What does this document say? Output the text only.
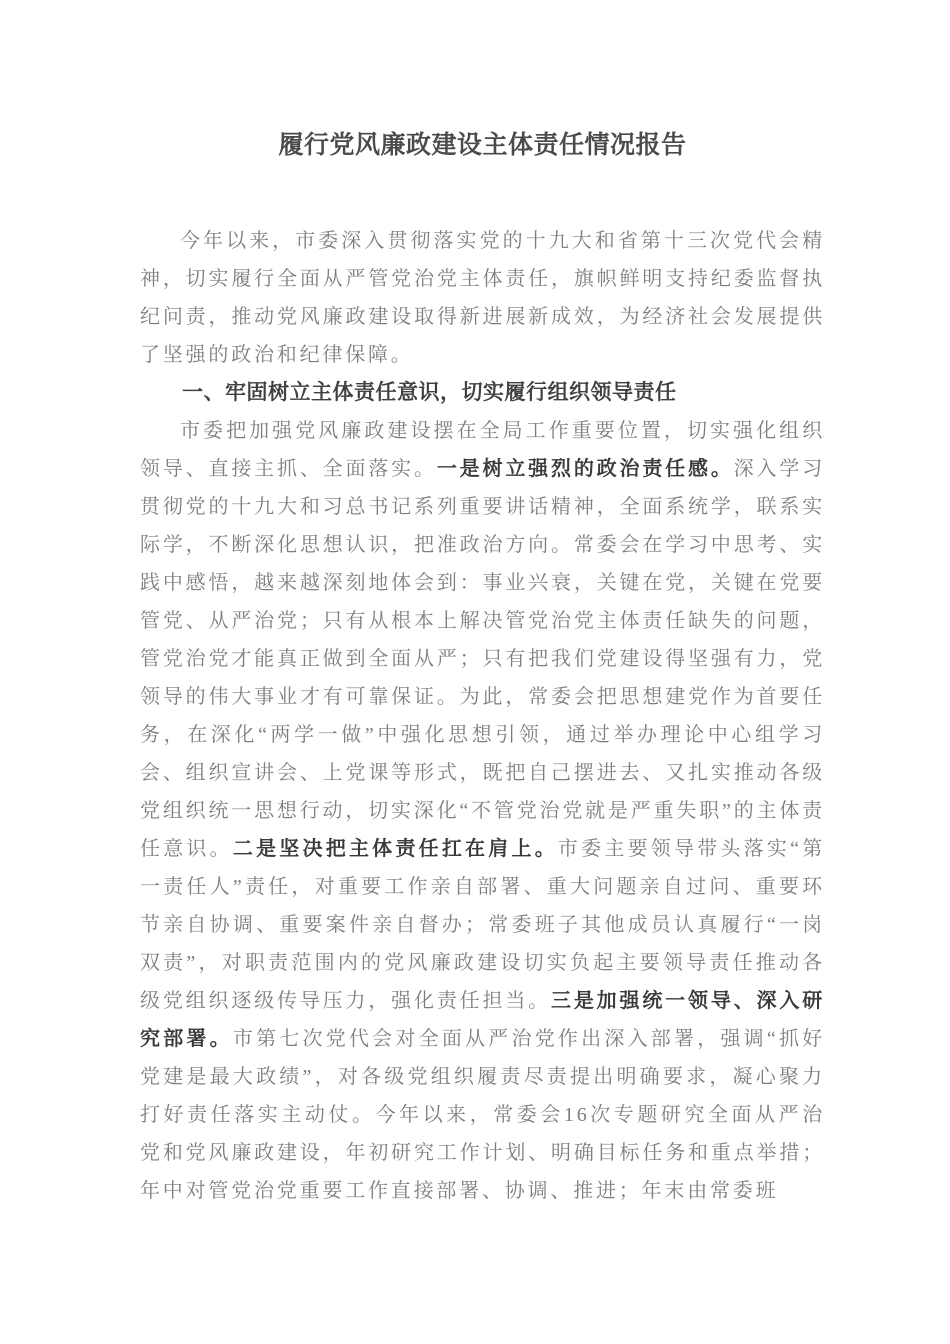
履行党风廉政建设主体责任情况报告

今年以来，市委深入贯彻落实党的十九大和省第十三次党代会精神，切实履行全面从严管党治党主体责任，旗帜鲜明支持纪委监督执纪问责，推动党风廉政建设取得新进展新成效，为经济社会发展提供了坚强的政治和纪律保障。

一、牢固树立主体责任意识，切实履行组织领导责任

市委把加强党风廉政建设摆在全局工作重要位置，切实强化组织领导、直接主抓、全面落实。一是树立强烈的政治责任感。深入学习贯彻党的十九大和习总书记系列重要讲话精神，全面系统学，联系实际学，不断深化思想认识，把准政治方向。常委会在学习中思考、实践中感悟，越来越深刻地体会到：事业兴衰，关键在党，关键在党要管党、从严治党；只有从根本上解决管党治党主体责任缺失的问题，管党治党才能真正做到全面从严；只有把我们党建设得坚强有力，党领导的伟大事业才有可靠保证。为此，常委会把思想建党作为首要任务，在深化“两学一做”中强化思想引领，通过举办理论中心组学习会、组织宣讲会、上党课等形式，既把自己摆进去、又扎实推动各级党组织统一思想行动，切实深化“不管党治党就是严重失职”的主体责任意识。二是坚决把主体责任扛在肩上。市委主要领导带头落实“第一责任人”责任，对重要工作亲自部署、重大问题亲自过问、重要环节亲自协调、重要案件亲自督办；常委班子其他成员认真履行“一岗双责”，对职责范围内的党风廉政建设切实负起主要领导责任推动各级党组织逐级传导压力，强化责任担当。三是加强统一领导、深入研究部署。市第七次党代会对全面从严治党作出深入部署，强调“抓好党建是最大政绩”，对各级党组织履责尽责提出明确要求，凝心聚力打好责任落实主动仗。今年以来，常委会16次专题研究全面从严治党和党风廉政建设，年初研究工作计划、明确目标任务和重点举措；年中对管党治党重要工作直接部署、协调、推进；年末由常委班
